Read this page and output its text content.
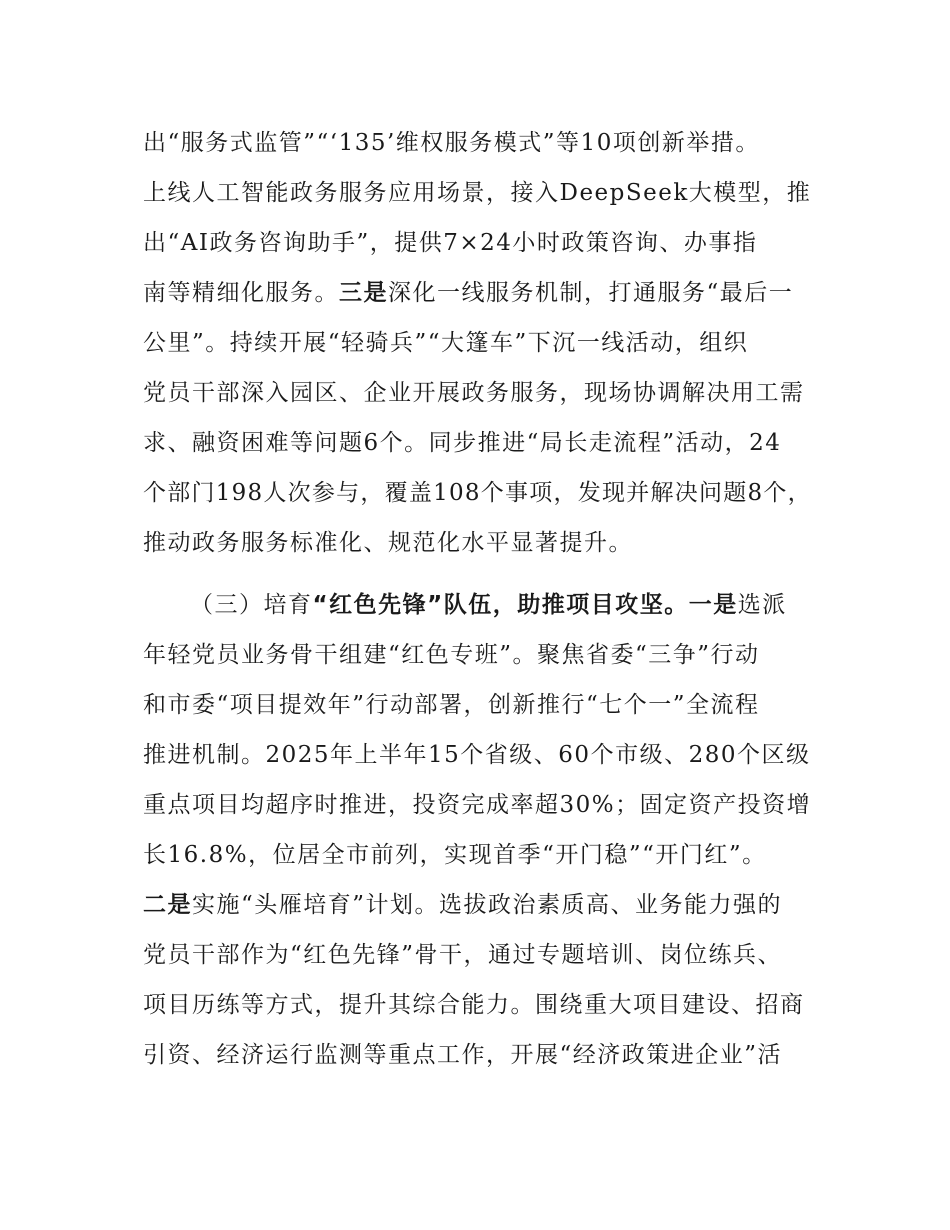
出“服务式监管”“‘135’维权服务模式”等10项创新举措。
上线人工智能政务服务应用场景，接入DeepSeek大模型，推
出“AI政务咨询助手”，提供7×24小时政策咨询、办事指
南等精细化服务。三是深化一线服务机制，打通服务“最后一
公里”。持续开展“轻骑兵”“大篷车”下沉一线活动，组织
党员干部深入园区、企业开展政务服务，现场协调解决用工需
求、融资困难等问题6个。同步推进“局长走流程”活动，24
个部门198人次参与，覆盖108个事项，发现并解决问题8个，
推动政务服务标准化、规范化水平显著提升。
（三）培育“红色先锋”队伍，助推项目攻坚。一是选派
年轻党员业务骨干组建“红色专班”。聚焦省委“三争”行动
和市委“项目提效年”行动部署，创新推行“七个一”全流程
推进机制。2025年上半年15个省级、60个市级、280个区级
重点项目均超序时推进，投资完成率超30%；固定资产投资增
长16.8%，位居全市前列，实现首季“开门稳”“开门红”。
二是实施“头雁培育”计划。选拔政治素质高、业务能力强的
党员干部作为“红色先锋”骨干，通过专题培训、岗位练兵、
项目历练等方式，提升其综合能力。围绕重大项目建设、招商
引资、经济运行监测等重点工作，开展“经济政策进企业”活
